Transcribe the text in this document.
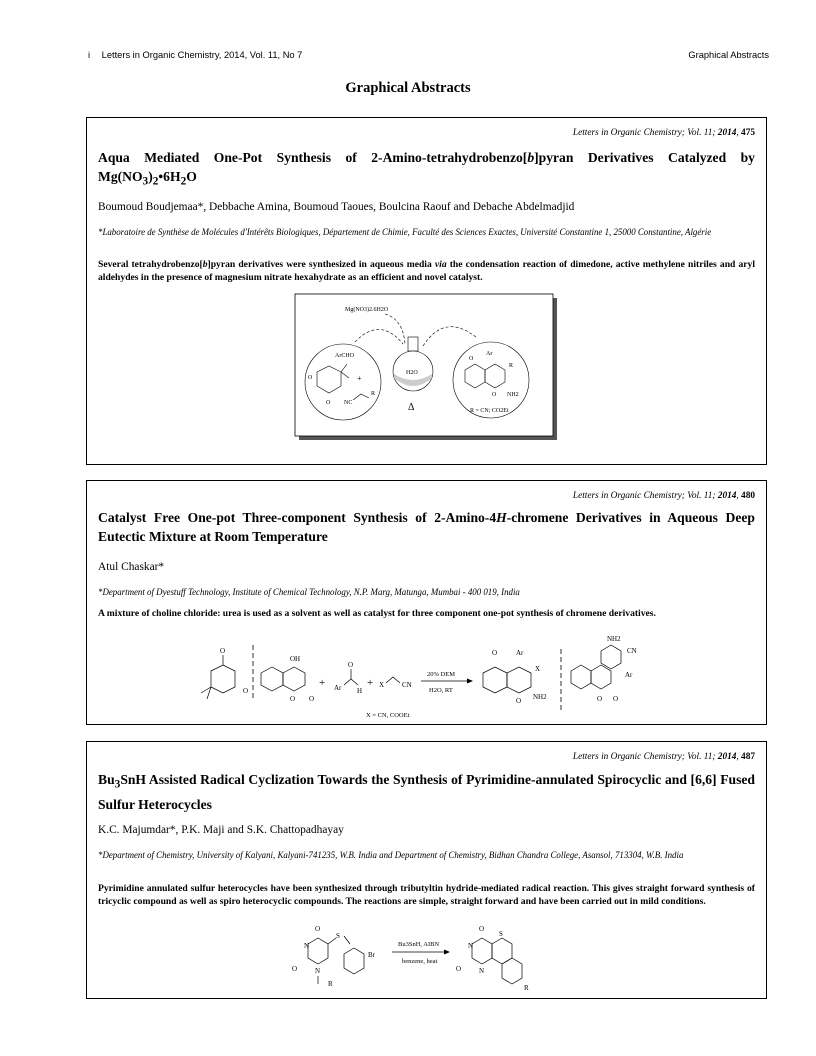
i Letters in Organic Chemistry, 2014, Vol. 11, No 7	Graphical Abstracts
Graphical Abstracts
Letters in Organic Chemistry; Vol. 11; 2014, 475
Aqua Mediated One-Pot Synthesis of 2-Amino-tetrahydrobenzo[b]pyran Derivatives Catalyzed by $Mg(NO_3)_2•6H_2O$
Boumoud Boudjemaa*, Debbache Amina, Boumoud Taoues, Boulcina Raouf and Debache Abdelmadjid
*Laboratoire de Synthèse de Molécules d'Intérêts Biologiques, Département de Chimie, Faculté des Sciences Exactes, Université Constantine 1, 25000 Constantine, Algérie
Several tetrahydrobenzo[b]pyran derivatives were synthesized in aqueous media via the condensation reaction of dimedone, active methylene nitriles and aryl aldehydes in the presence of magnesium nitrate hexahydrate as an efficient and novel catalyst.
Mg(NO3)2.6H2O
ArCHO
O
O
+
NC
R
H2O
Δ
Ar
O
O
R
NH2
R = CN; CO2Et
Letters in Organic Chemistry; Vol. 11; 2014, 480
Catalyst Free One-pot Three-component Synthesis of 2-Amino-4H-chromene Derivatives in Aqueous Deep Eutectic Mixture at Room Temperature
Atul Chaskar*
*Department of Dyestuff Technology, Institute of Chemical Technology, N.P. Marg, Matunga, Mumbai - 400 019, India
A mixture of choline chloride: urea is used as a solvent as well as catalyst for three component one-pot synthesis of chromene derivatives.
O
O
OH
O O
+ Ar
O
H
+ X	CN
X = CN, COOEt
20% DEM
H2O, RT
O	Ar
X
O NH2
NH2
CN
Ar
O O
Letters in Organic Chemistry; Vol. 11; 2014, 487
$Bu_3SnH$ Assisted Radical Cyclization Towards the Synthesis of Pyrimidine-annulated Spirocyclic and [6,6] Fused Sulfur Heterocycles
K.C. Majumdar*, P.K. Maji and S.K. Chattopadhayay
*Department of Chemistry, University of Kalyani, Kalyani-741235, W.B. India and Department of Chemistry, Bidhan Chandra College, Asansol, 713304, W.B. India
Pyrimidine annulated sulfur heterocycles have been synthesized through tributyltin hydride-mediated radical reaction. This gives straight forward synthesis of tricyclic compound as well as spiro heterocyclic compounds. The reactions are simple, straight forward and have been carried out in mild conditions.
O
N
O	N
S
Br
R
Bu3SnH, AIBN
benzene, heat
O
S
N
O	N
R
